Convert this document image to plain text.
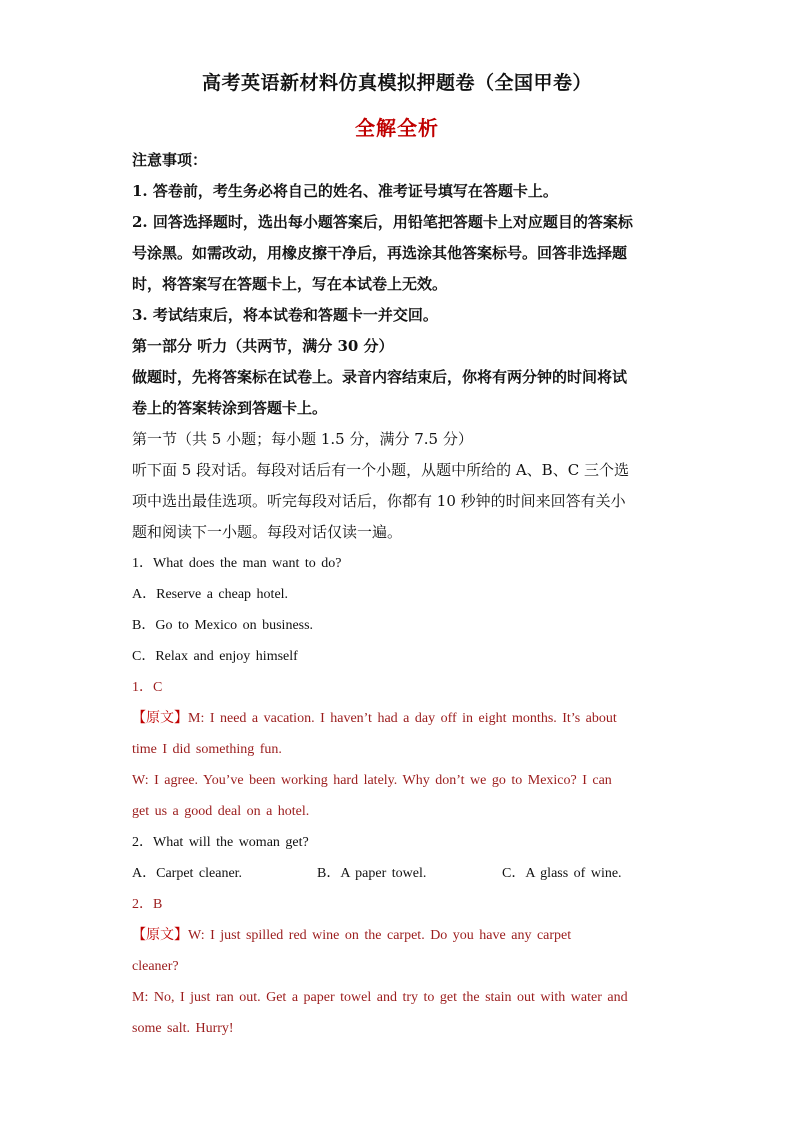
高考英语新材料仿真模拟押题卷（全国甲卷）
全解全析
注意事项：
1. 答卷前，考生务必将自己的姓名、准考证号填写在答题卡上。
2. 回答选择题时，选出每小题答案后，用铅笔把答题卡上对应题目的答案标
号涂黑。如需改动，用橡皮擦干净后，再选涂其他答案标号。回答非选择题
时，将答案写在答题卡上，写在本试卷上无效。
3. 考试结束后，将本试卷和答题卡一并交回。
第一部分 听力（共两节，满分 30 分）
做题时，先将答案标在试卷上。录音内容结束后，你将有两分钟的时间将试
卷上的答案转涂到答题卡上。
第一节（共 5 小题；每小题 1.5 分，满分 7.5 分）
听下面 5 段对话。每段对话后有一个小题，从题中所给的 A、B、C 三个选
项中选出最佳选项。听完每段对话后，你都有 10 秒钟的时间来回答有关小
题和阅读下一小题。每段对话仅读一遍。
1．What does the man want to do?
A．Reserve a cheap hotel.
B．Go to Mexico on business.
C．Relax and enjoy himself
1．C
【原文】M: I need a vacation. I haven’t had a day off in eight months. It’s about
time I did something fun.
W: I agree. You’ve been working hard lately. Why don’t we go to Mexico? I can
get us a good deal on a hotel.
2．What will the woman get?
A．Carpet cleaner.	B．A paper towel.	C．A glass of wine.
2．B
【原文】W: I just spilled red wine on the carpet. Do you have any carpet
cleaner?
M: No, I just ran out. Get a paper towel and try to get the stain out with water and
some salt. Hurry!
